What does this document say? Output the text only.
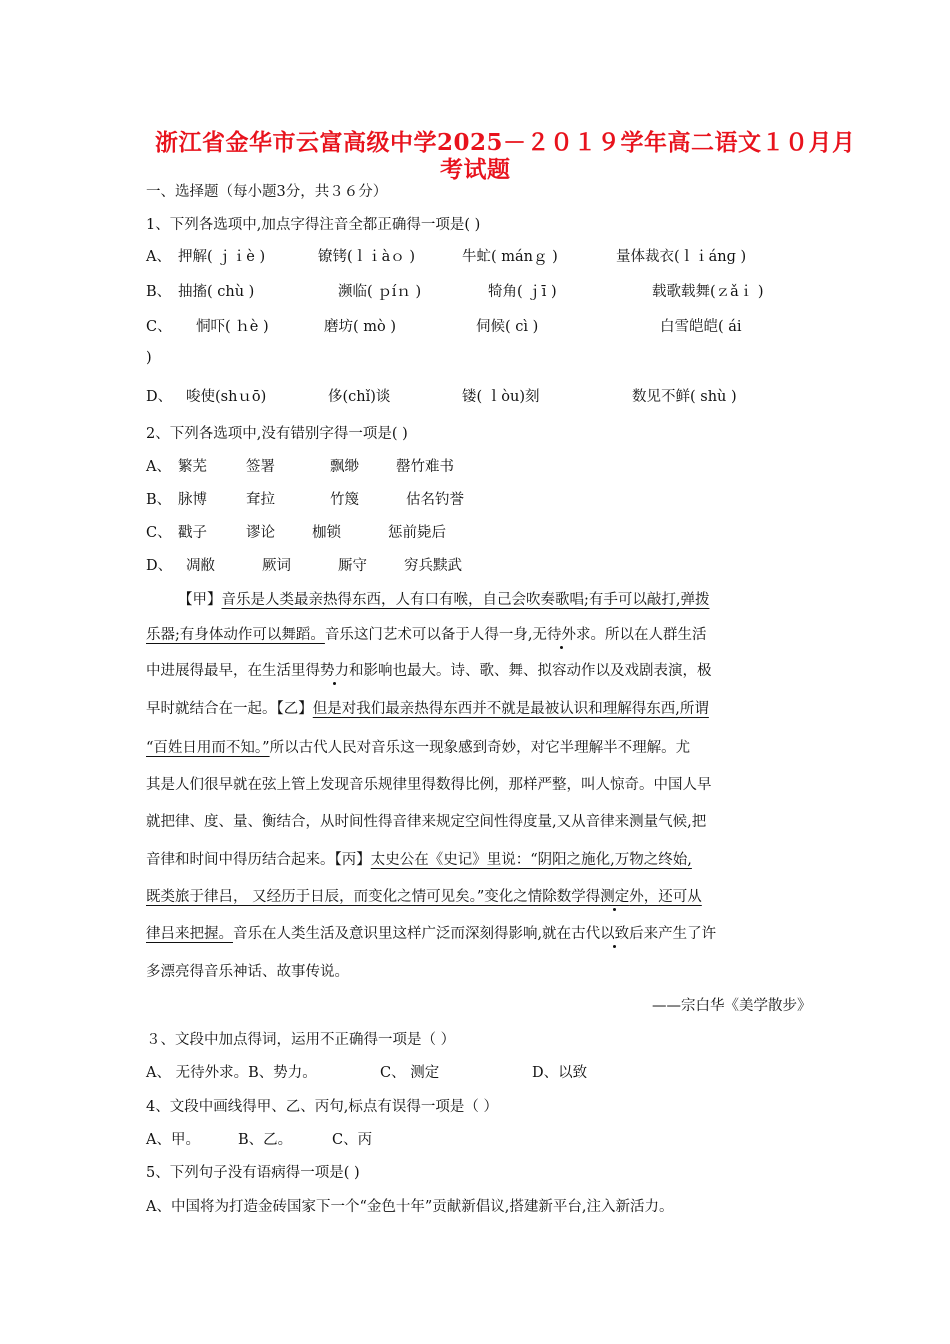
浙江省金华市云富高级中学2025－２０１９学年高二语文１０月月
考试题
一、选择题（每小题3分，共３６分）
1、下列各选项中,加点字得注音全都正确得一项是( )
A、 押解( ｊｉè )	镣铐(ｌｉàｏ )	牛虻( mánｇ )	量体裁衣(ｌｉánɡ )
B、 抽搐( chù )	濒临( ｐíｎ )	犄角( ｊī )	载歌载舞(ｚǎｉ )
C、 恫吓( ｈè )	磨坊( mò )	伺候( cì )	白雪皑皑( ái
)
D、 唆使(shｕō)	侈(chǐ)谈	镂( ｌòu)刻	数见不鲜( shù )
2、下列各选项中,没有错别字得一项是( )
A、 繁芜	签署	飘缈	罄竹难书
B、 脉博	耷拉	竹篾	估名钓誉
C、 戳子	谬论	枷锁	惩前毙后
D、 凋敝	厥词	厮守	穷兵黩武
【甲】音乐是人类最亲热得东西，人有口有喉，自己会吹奏歌唱;有手可以敲打,弹拨
乐器;有身体动作可以舞蹈。音乐这门艺术可以备于人得一身,无待外求。所以在人群生活
中进展得最早，在生活里得势力和影响也最大。诗、歌、舞、拟容动作以及戏剧表演，极
早时就结合在一起。【乙】但是对我们最亲热得东西并不就是最被认识和理解得东西,所谓
“百姓日用而不知。”所以古代人民对音乐这一现象感到奇妙，对它半理解半不理解。尤
其是人们很早就在弦上管上发现音乐规律里得数得比例，那样严整，叫人惊奇。中国人早
就把律、度、量、衡结合，从时间性得音律来规定空间性得度量,又从音律来测量气候,把
音律和时间中得历结合起来。【丙】太史公在《史记》里说：“阴阳之施化,万物之终始,
既类旅于律吕， 又经历于日辰，而变化之情可见矣。”变化之情除数学得测定外，还可从
律吕来把握。音乐在人类生活及意识里这样广泛而深刻得影响,就在古代以致后来产生了许
多漂亮得音乐神话、故事传说。
——宗白华《美学散步》
３、文段中加点得词，运用不正确得一项是（ ）
A、 无待外求。B、势力。	C、 测定	D、以致
4、文段中画线得甲、乙、丙句,标点有误得一项是（ ）
A、甲。	B、乙。	C、丙
5、下列句子没有语病得一项是( )
A、中国将为打造金砖国家下一个“金色十年”贡献新倡议,搭建新平台,注入新活力。
